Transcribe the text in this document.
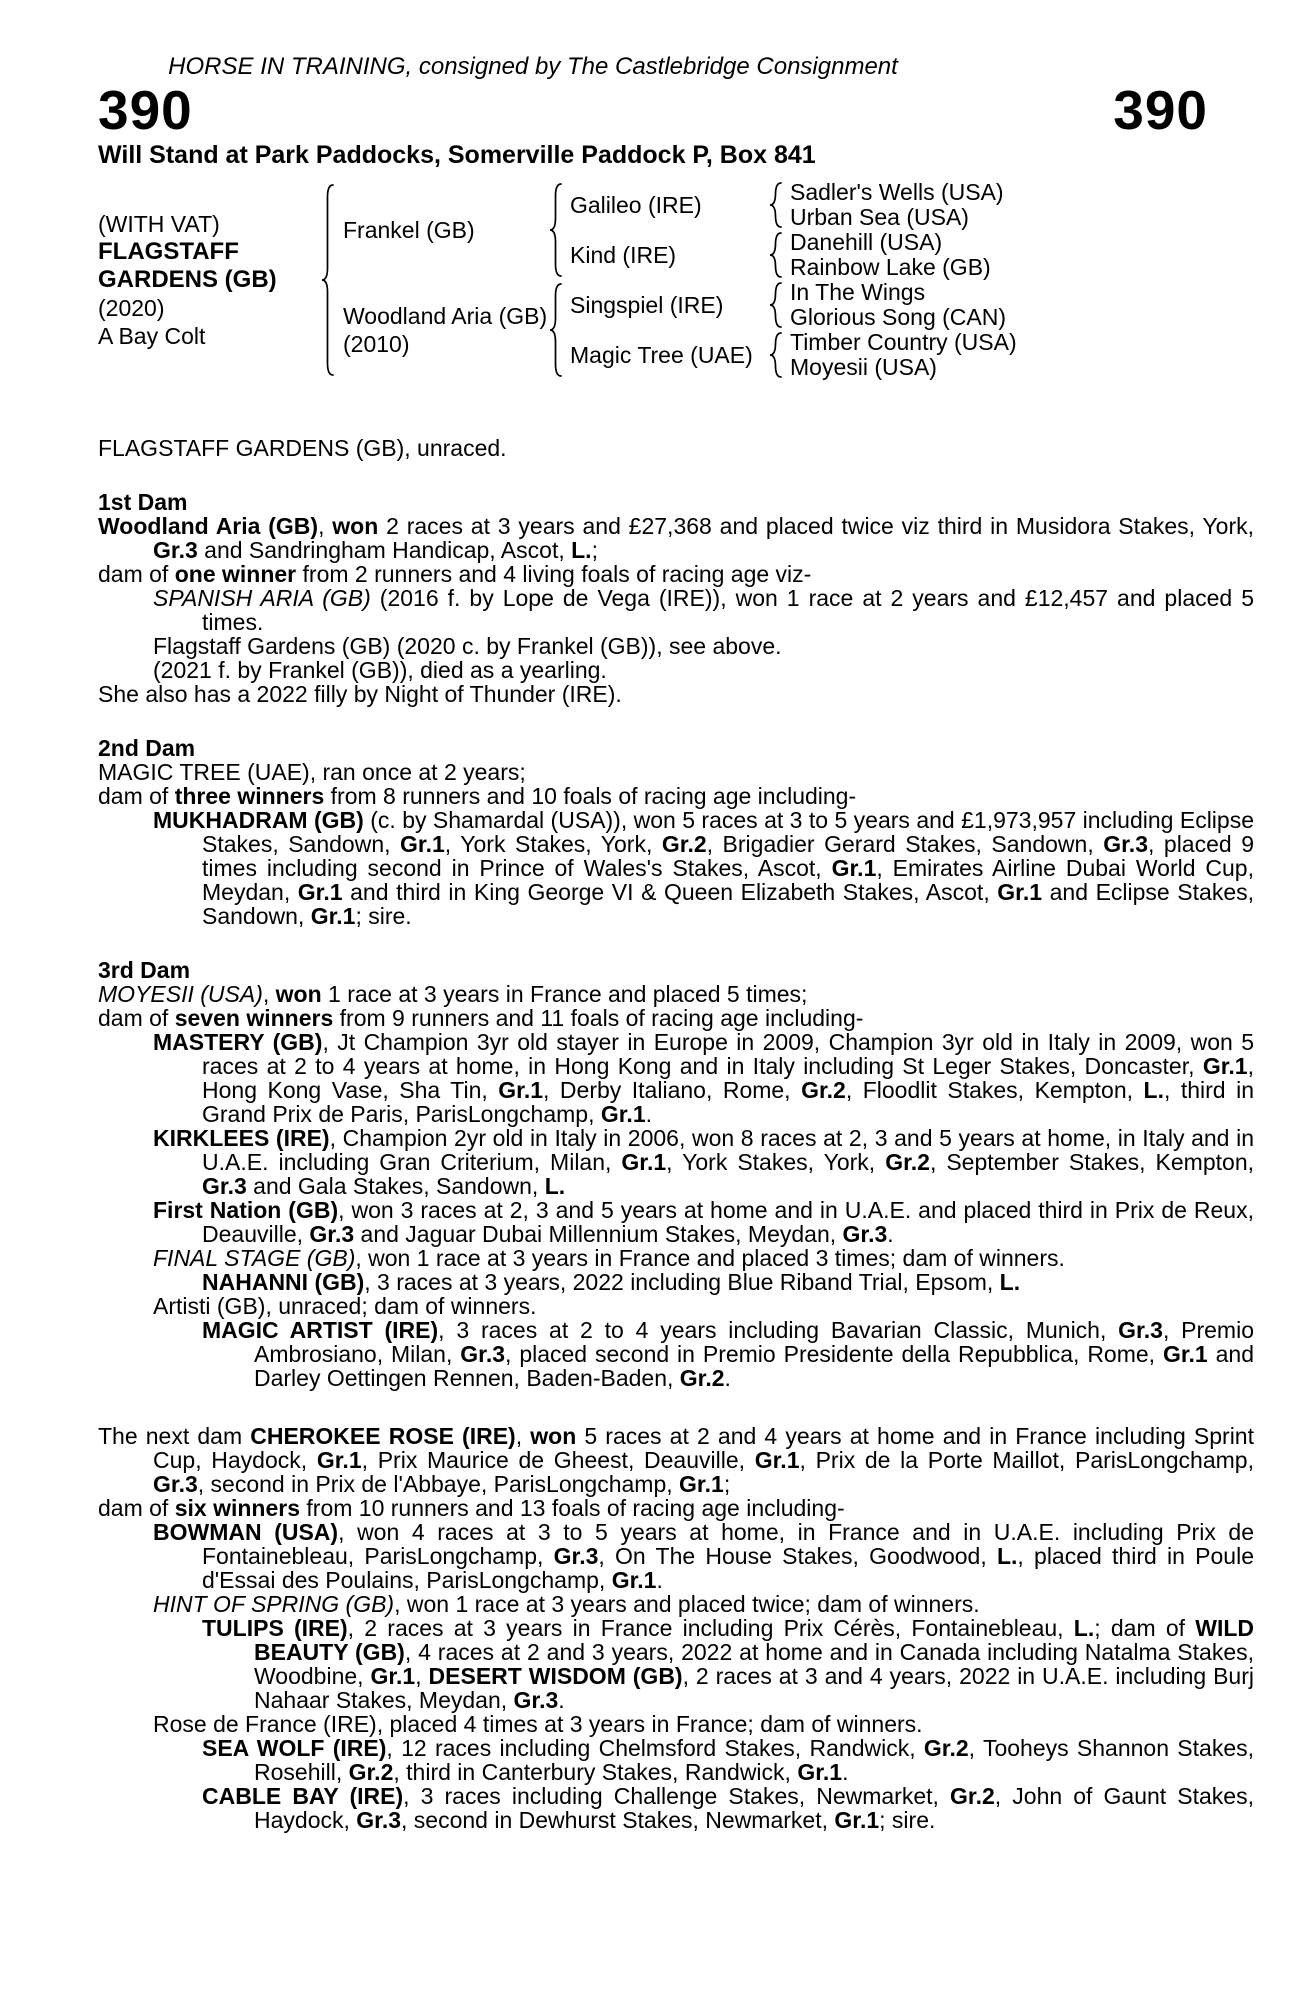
HORSE IN TRAINING, consigned by The Castlebridge Consignment
390	390
Will Stand at Park Paddocks, Somerville Paddock P, Box 841
(WITH VAT)
FLAGSTAFF
GARDENS (GB)
(2020)
A Bay Colt
Frankel (GB)
Woodland Aria (GB)
(2010)
Galileo (IRE)
Kind (IRE)
Singspiel (IRE)
Magic Tree (UAE)
Sadler's Wells (USA)
Urban Sea (USA)
Danehill (USA)
Rainbow Lake (GB)
In The Wings
Glorious Song (CAN)
Timber Country (USA)
Moyesii (USA)

FLAGSTAFF GARDENS (GB), unraced.

1st Dam

Woodland Aria (GB), won 2 races at 3 years and £27,368 and placed twice viz third in Musidora Stakes, York, Gr.3 and Sandringham Handicap, Ascot, L.;

dam of one winner from 2 runners and 4 living foals of racing age viz-

SPANISH ARIA (GB) (2016 f. by Lope de Vega (IRE)), won 1 race at 2 years and £12,457 and placed 5 times.

Flagstaff Gardens (GB) (2020 c. by Frankel (GB)), see above.

(2021 f. by Frankel (GB)), died as a yearling.

She also has a 2022 filly by Night of Thunder (IRE).

2nd Dam

MAGIC TREE (UAE), ran once at 2 years;

dam of three winners from 8 runners and 10 foals of racing age including-

MUKHADRAM (GB) (c. by Shamardal (USA)), won 5 races at 3 to 5 years and £1,973,957 including Eclipse Stakes, Sandown, Gr.1, York Stakes, York, Gr.2, Brigadier Gerard Stakes, Sandown, Gr.3, placed 9 times including second in Prince of Wales's Stakes, Ascot, Gr.1, Emirates Airline Dubai World Cup, Meydan, Gr.1 and third in King George VI & Queen Elizabeth Stakes, Ascot, Gr.1 and Eclipse Stakes, Sandown, Gr.1; sire.

3rd Dam

MOYESII (USA), won 1 race at 3 years in France and placed 5 times;

dam of seven winners from 9 runners and 11 foals of racing age including-

MASTERY (GB), Jt Champion 3yr old stayer in Europe in 2009, Champion 3yr old in Italy in 2009, won 5 races at 2 to 4 years at home, in Hong Kong and in Italy including St Leger Stakes, Doncaster, Gr.1, Hong Kong Vase, Sha Tin, Gr.1, Derby Italiano, Rome, Gr.2, Floodlit Stakes, Kempton, L., third in Grand Prix de Paris, ParisLongchamp, Gr.1.

KIRKLEES (IRE), Champion 2yr old in Italy in 2006, won 8 races at 2, 3 and 5 years at home, in Italy and in U.A.E. including Gran Criterium, Milan, Gr.1, York Stakes, York, Gr.2, September Stakes, Kempton, Gr.3 and Gala Stakes, Sandown, L.

First Nation (GB), won 3 races at 2, 3 and 5 years at home and in U.A.E. and placed third in Prix de Reux, Deauville, Gr.3 and Jaguar Dubai Millennium Stakes, Meydan, Gr.3.

FINAL STAGE (GB), won 1 race at 3 years in France and placed 3 times; dam of winners.

NAHANNI (GB), 3 races at 3 years, 2022 including Blue Riband Trial, Epsom, L.

Artisti (GB), unraced; dam of winners.

MAGIC ARTIST (IRE), 3 races at 2 to 4 years including Bavarian Classic, Munich, Gr.3, Premio Ambrosiano, Milan, Gr.3, placed second in Premio Presidente della Repubblica, Rome, Gr.1 and Darley Oettingen Rennen, Baden-Baden, Gr.2.

The next dam CHEROKEE ROSE (IRE), won 5 races at 2 and 4 years at home and in France including Sprint Cup, Haydock, Gr.1, Prix Maurice de Gheest, Deauville, Gr.1, Prix de la Porte Maillot, ParisLongchamp, Gr.3, second in Prix de l'Abbaye, ParisLongchamp, Gr.1;

dam of six winners from 10 runners and 13 foals of racing age including-

BOWMAN (USA), won 4 races at 3 to 5 years at home, in France and in U.A.E. including Prix de Fontainebleau, ParisLongchamp, Gr.3, On The House Stakes, Goodwood, L., placed third in Poule d'Essai des Poulains, ParisLongchamp, Gr.1.

HINT OF SPRING (GB), won 1 race at 3 years and placed twice; dam of winners.

TULIPS (IRE), 2 races at 3 years in France including Prix Cérès, Fontainebleau, L.; dam of WILD BEAUTY (GB), 4 races at 2 and 3 years, 2022 at home and in Canada including Natalma Stakes, Woodbine, Gr.1, DESERT WISDOM (GB), 2 races at 3 and 4 years, 2022 in U.A.E. including Burj Nahaar Stakes, Meydan, Gr.3.

Rose de France (IRE), placed 4 times at 3 years in France; dam of winners.

SEA WOLF (IRE), 12 races including Chelmsford Stakes, Randwick, Gr.2, Tooheys Shannon Stakes, Rosehill, Gr.2, third in Canterbury Stakes, Randwick, Gr.1.

CABLE BAY (IRE), 3 races including Challenge Stakes, Newmarket, Gr.2, John of Gaunt Stakes, Haydock, Gr.3, second in Dewhurst Stakes, Newmarket, Gr.1; sire.
